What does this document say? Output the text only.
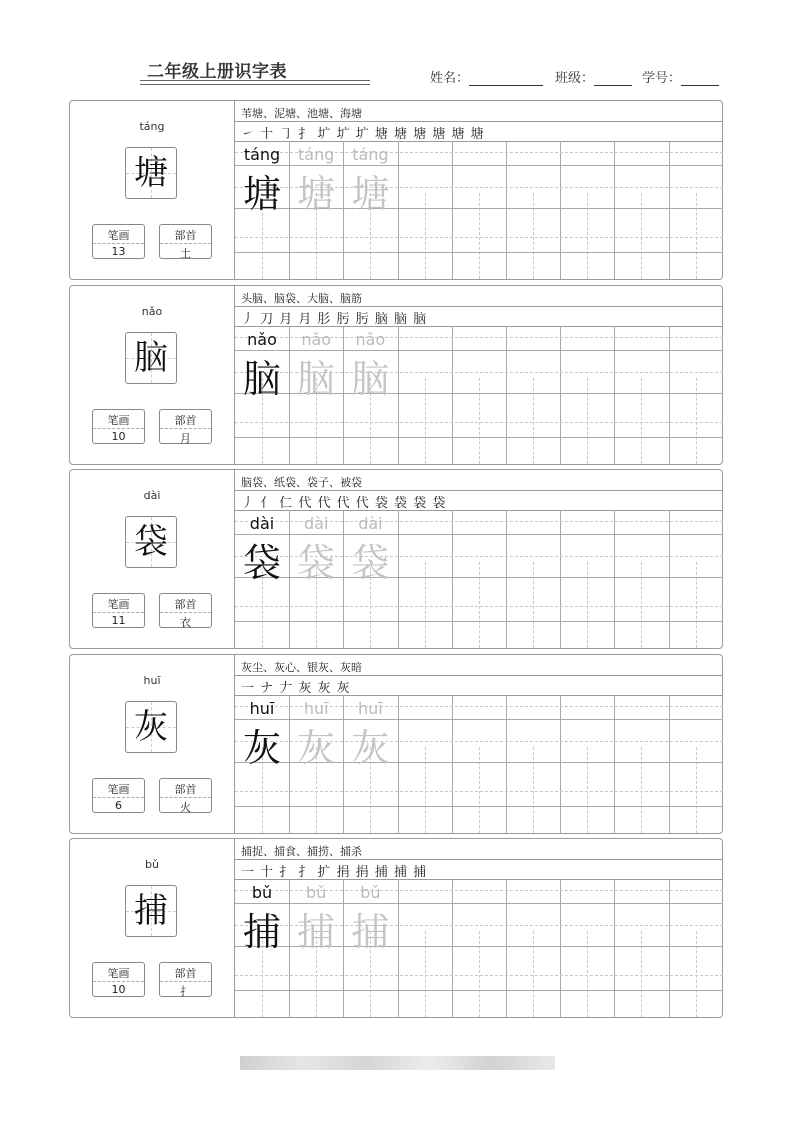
二年级上册识字表	姓名：	班级：	学号：
táng
塘
笔画
13
部首
土
苇塘、泥塘、池塘、海塘
㇀ 十 ㇆ 扌 圹 圹 圹 塘 塘 塘 塘 塘 塘
táng	táng	táng
塘 塘 塘
nǎo
脑
笔画
10
部首
月
头脑、脑袋、大脑、脑筋
丿 刀 月 月 肜 肟 肟 脑 脑 脑
nǎo	nǎo	nǎo
脑 脑 脑
dài
袋
笔画
11
部首
衣
脑袋、纸袋、袋子、被袋
丿 亻 仁 代 代 代 代 袋 袋 袋 袋
dài	dài	dài
袋 袋 袋
huī
灰
笔画
6
部首
火
灰尘、灰心、银灰、灰暗
一 ナ 𠂇 灰 灰 灰
huī	huī	huī
灰 灰 灰
bǔ
捕
笔画
10
部首
扌
捕捉、捕食、捕捞、捕杀
一 十 扌 扌 扩 捐 捐 捕 捕 捕
bǔ	bǔ	bǔ
捕 捕 捕
